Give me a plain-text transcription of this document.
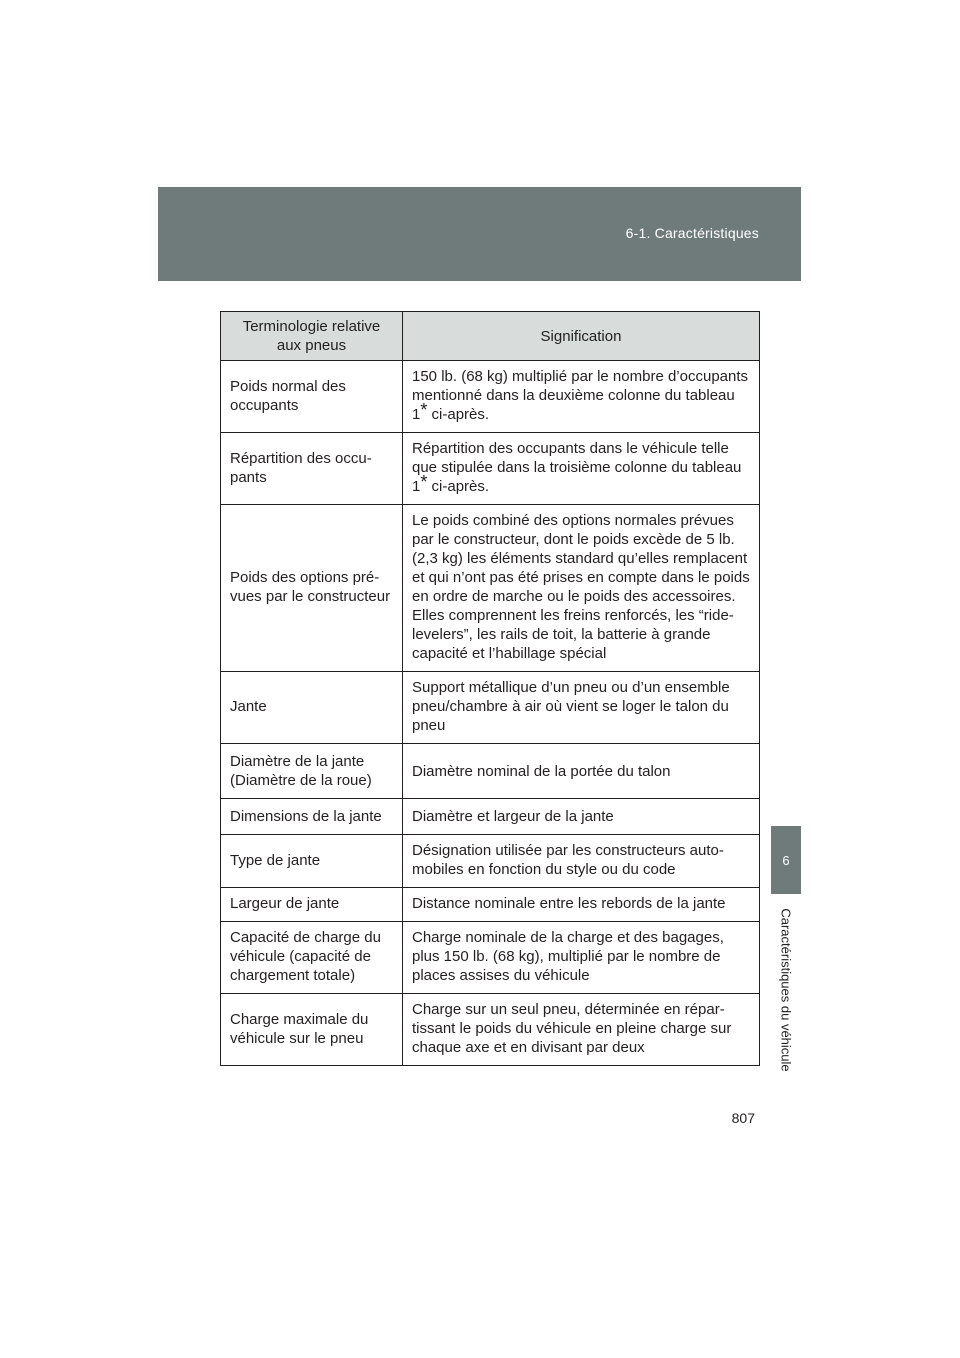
6-1. Caractéristiques
6
Caractéristiques du véhicule
Terminologie relative aux pneus	Signification
Poids normal des occupants	150 lb. (68 kg) multiplié par le nombre d’occupants mentionné dans la deuxième colonne du tableau 1* ci-après.
Répartition des occupants	Répartition des occupants dans le véhicule telle que stipulée dans la troisième colonne du tableau 1* ci-après.
Poids des options prévues par le constructeur	Le poids combiné des options normales prévues par le constructeur, dont le poids excède de 5 lb. (2,3 kg) les éléments standard qu’elles remplacent et qui n’ont pas été prises en compte dans le poids en ordre de marche ou le poids des accessoires. Elles comprennent les freins renforcés, les “ride-levelers”, les rails de toit, la batterie à grande capacité et l’habillage spécial
Jante	Support métallique d’un pneu ou d’un ensemble pneu/chambre à air où vient se loger le talon du pneu
Diamètre de la jante (Diamètre de la roue)	Diamètre nominal de la portée du talon
Dimensions de la jante	Diamètre et largeur de la jante
Type de jante	Désignation utilisée par les constructeurs automobiles en fonction du style ou du code
Largeur de jante	Distance nominale entre les rebords de la jante
Capacité de charge du véhicule (capacité de chargement totale)	Charge nominale de la charge et des bagages, plus 150 lb. (68 kg), multiplié par le nombre de places assises du véhicule
Charge maximale du véhicule sur le pneu	Charge sur un seul pneu, déterminée en répartissant le poids du véhicule en pleine charge sur chaque axe et en divisant par deux
807
